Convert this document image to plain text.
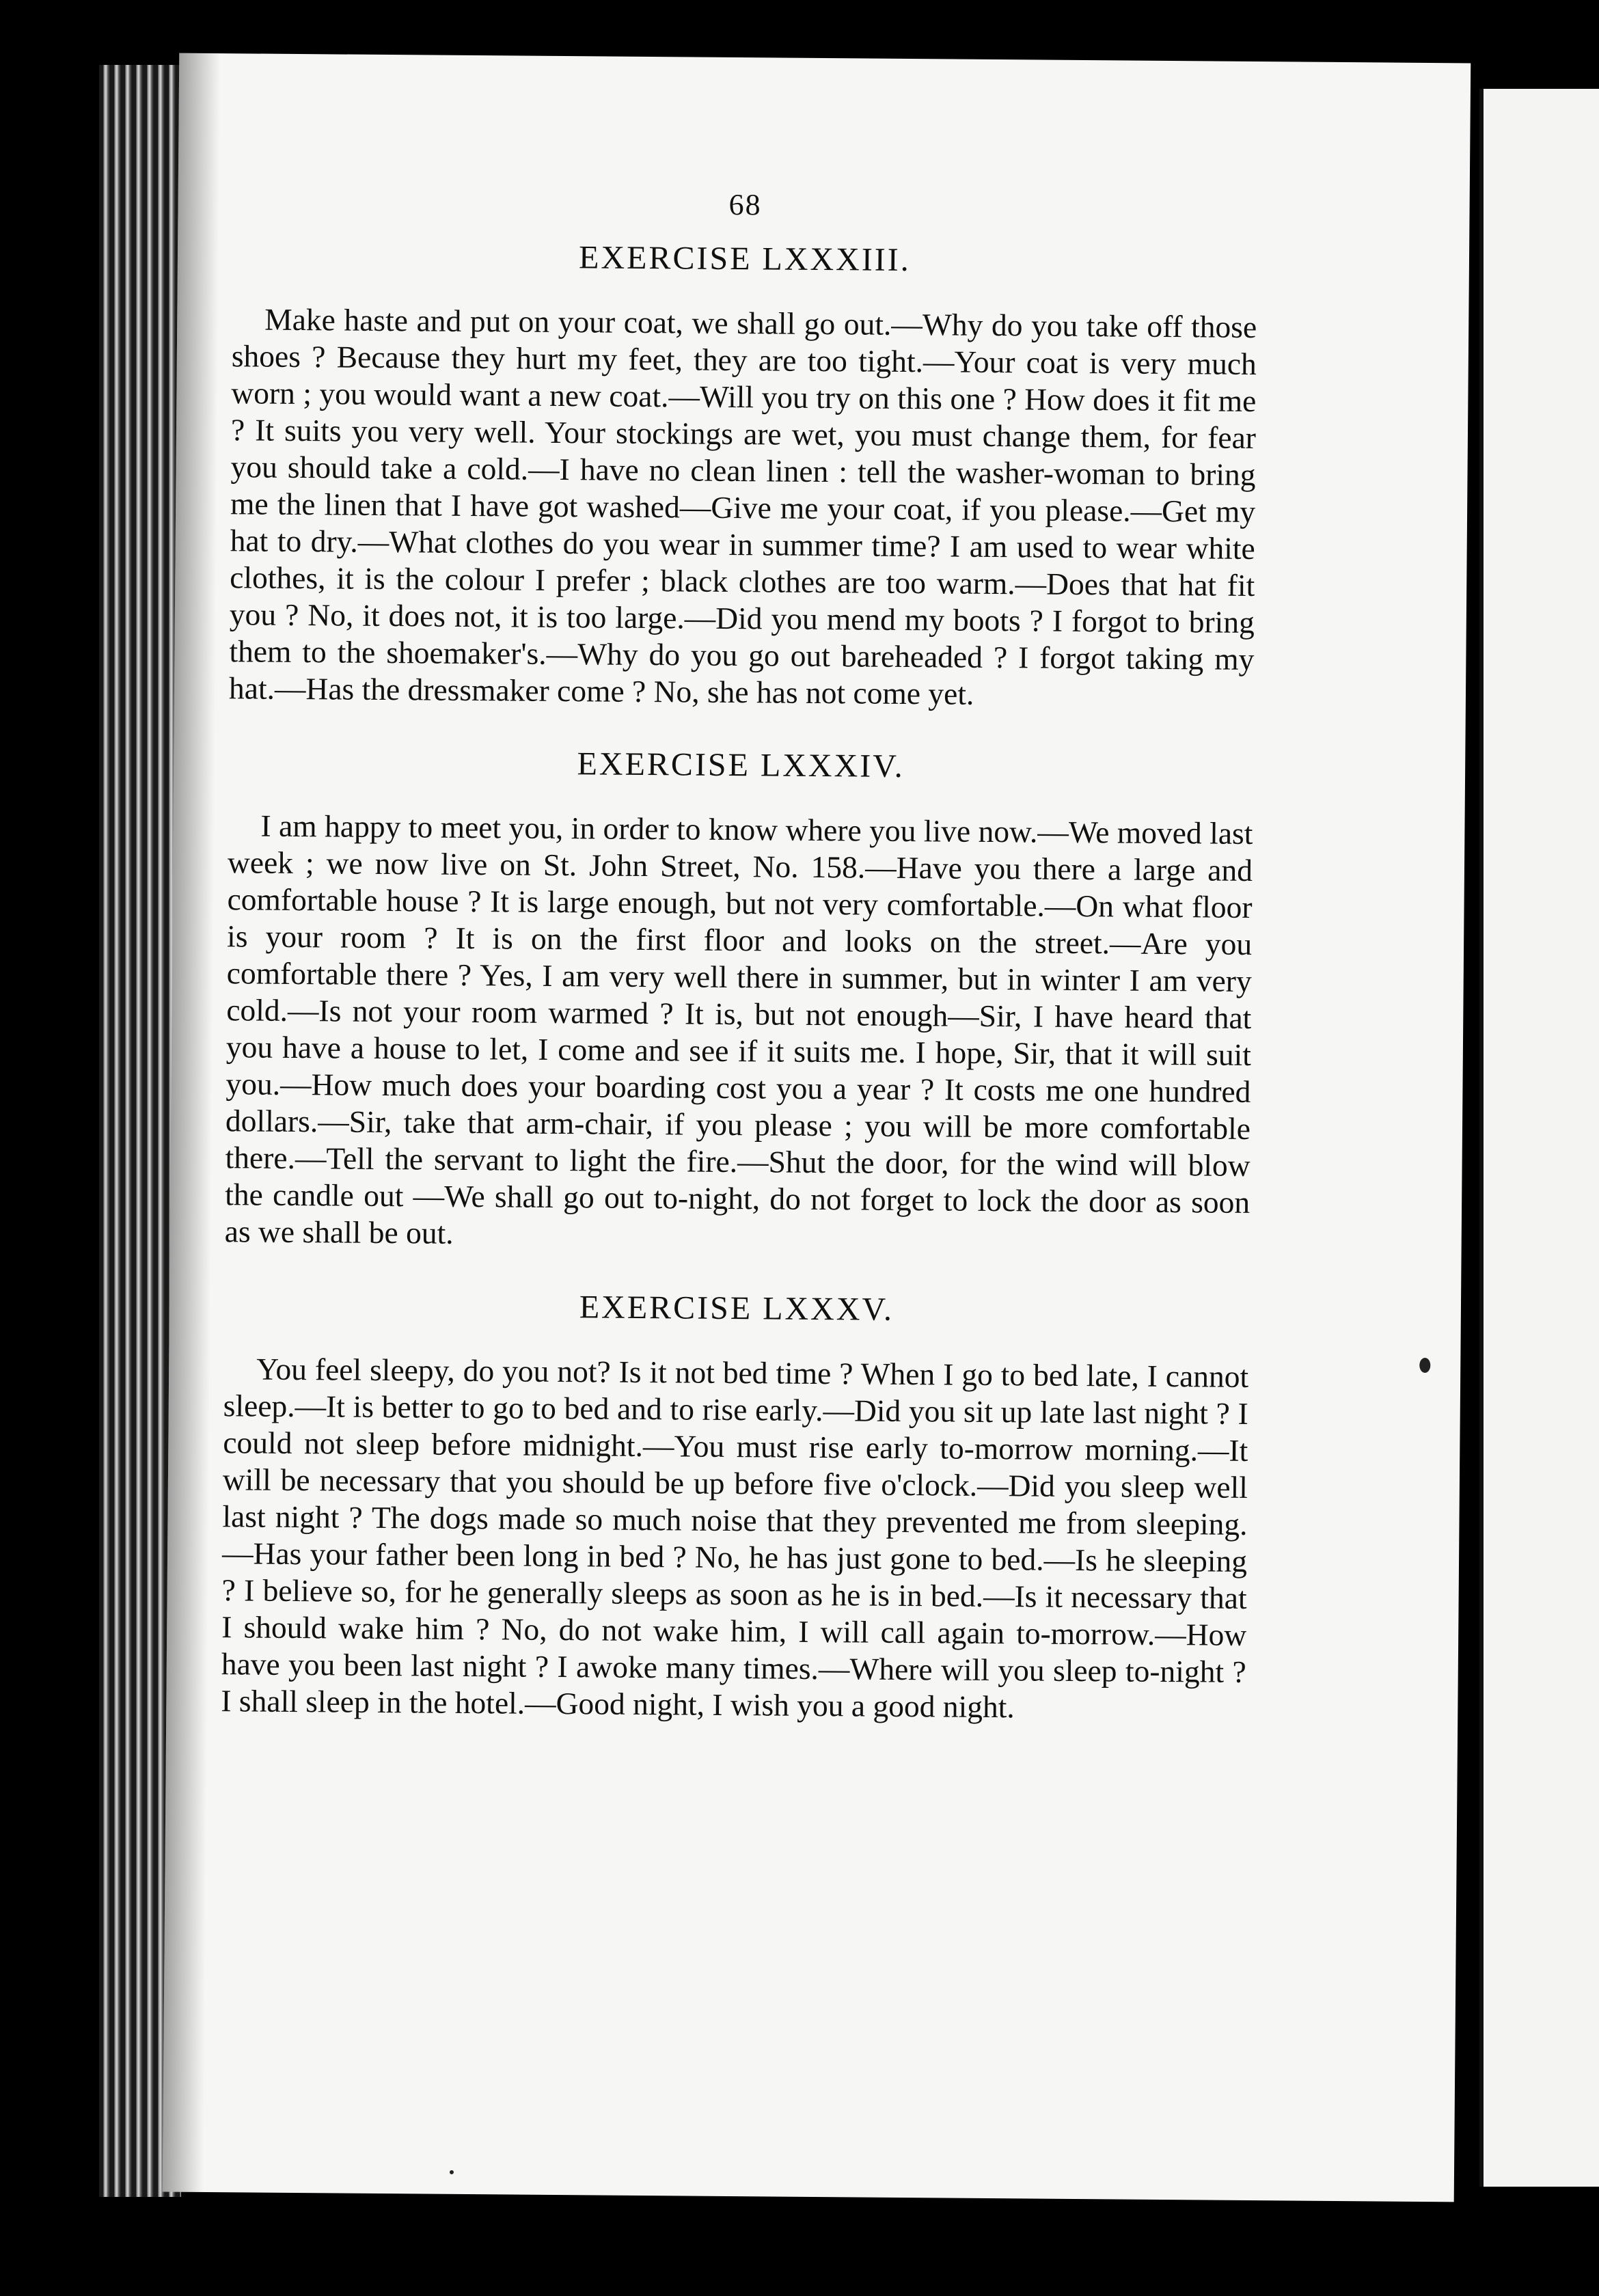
68
EXERCISE LXXXIII.

Make haste and put on your coat, we shall go out.—Why do you take off those shoes ? Because they hurt my feet, they are too tight.—Your coat is very much worn ; you would want a new coat.—Will you try on this one ? How does it fit me ? It suits you very well. Your stockings are wet, you must change them, for fear you should take a cold.—I have no clean linen : tell the washer-woman to bring me the linen that I have got washed—Give me your coat, if you please.—Get my hat to dry.—What clothes do you wear in summer time? I am used to wear white clothes, it is the colour I prefer ; black clothes are too warm.—Does that hat fit you ? No, it does not, it is too large.—Did you mend my boots ? I forgot to bring them to the shoemaker's.—Why do you go out bareheaded ? I forgot taking my hat.—Has the dressmaker come ? No, she has not come yet.

EXERCISE LXXXIV.

I am happy to meet you, in order to know where you live now.—We moved last week ; we now live on St. John Street, No. 158.—Have you there a large and comfortable house ? It is large enough, but not very comfortable.—On what floor is your room ? It is on the first floor and looks on the street.—Are you comfortable there ? Yes, I am very well there in summer, but in winter I am very cold.—Is not your room warmed ? It is, but not enough—Sir, I have heard that you have a house to let, I come and see if it suits me. I hope, Sir, that it will suit you.—How much does your boarding cost you a year ? It costs me one hundred dollars.—Sir, take that arm-chair, if you please ; you will be more comfortable there.—Tell the servant to light the fire.—Shut the door, for the wind will blow the candle out —We shall go out to-night, do not forget to lock the door as soon as we shall be out.

EXERCISE LXXXV.

You feel sleepy, do you not? Is it not bed time ? When I go to bed late, I cannot sleep.—It is better to go to bed and to rise early.—Did you sit up late last night ? I could not sleep before midnight.—You must rise early to-morrow morning.—It will be necessary that you should be up before five o'clock.—Did you sleep well last night ? The dogs made so much noise that they prevented me from sleeping.—Has your father been long in bed ? No, he has just gone to bed.—Is he sleeping ? I believe so, for he generally sleeps as soon as he is in bed.—Is it necessary that I should wake him ? No, do not wake him, I will call again to-morrow.—How have you been last night ? I awoke many times.—Where will you sleep to-night ? I shall sleep in the hotel.—Good night, I wish you a good night.
